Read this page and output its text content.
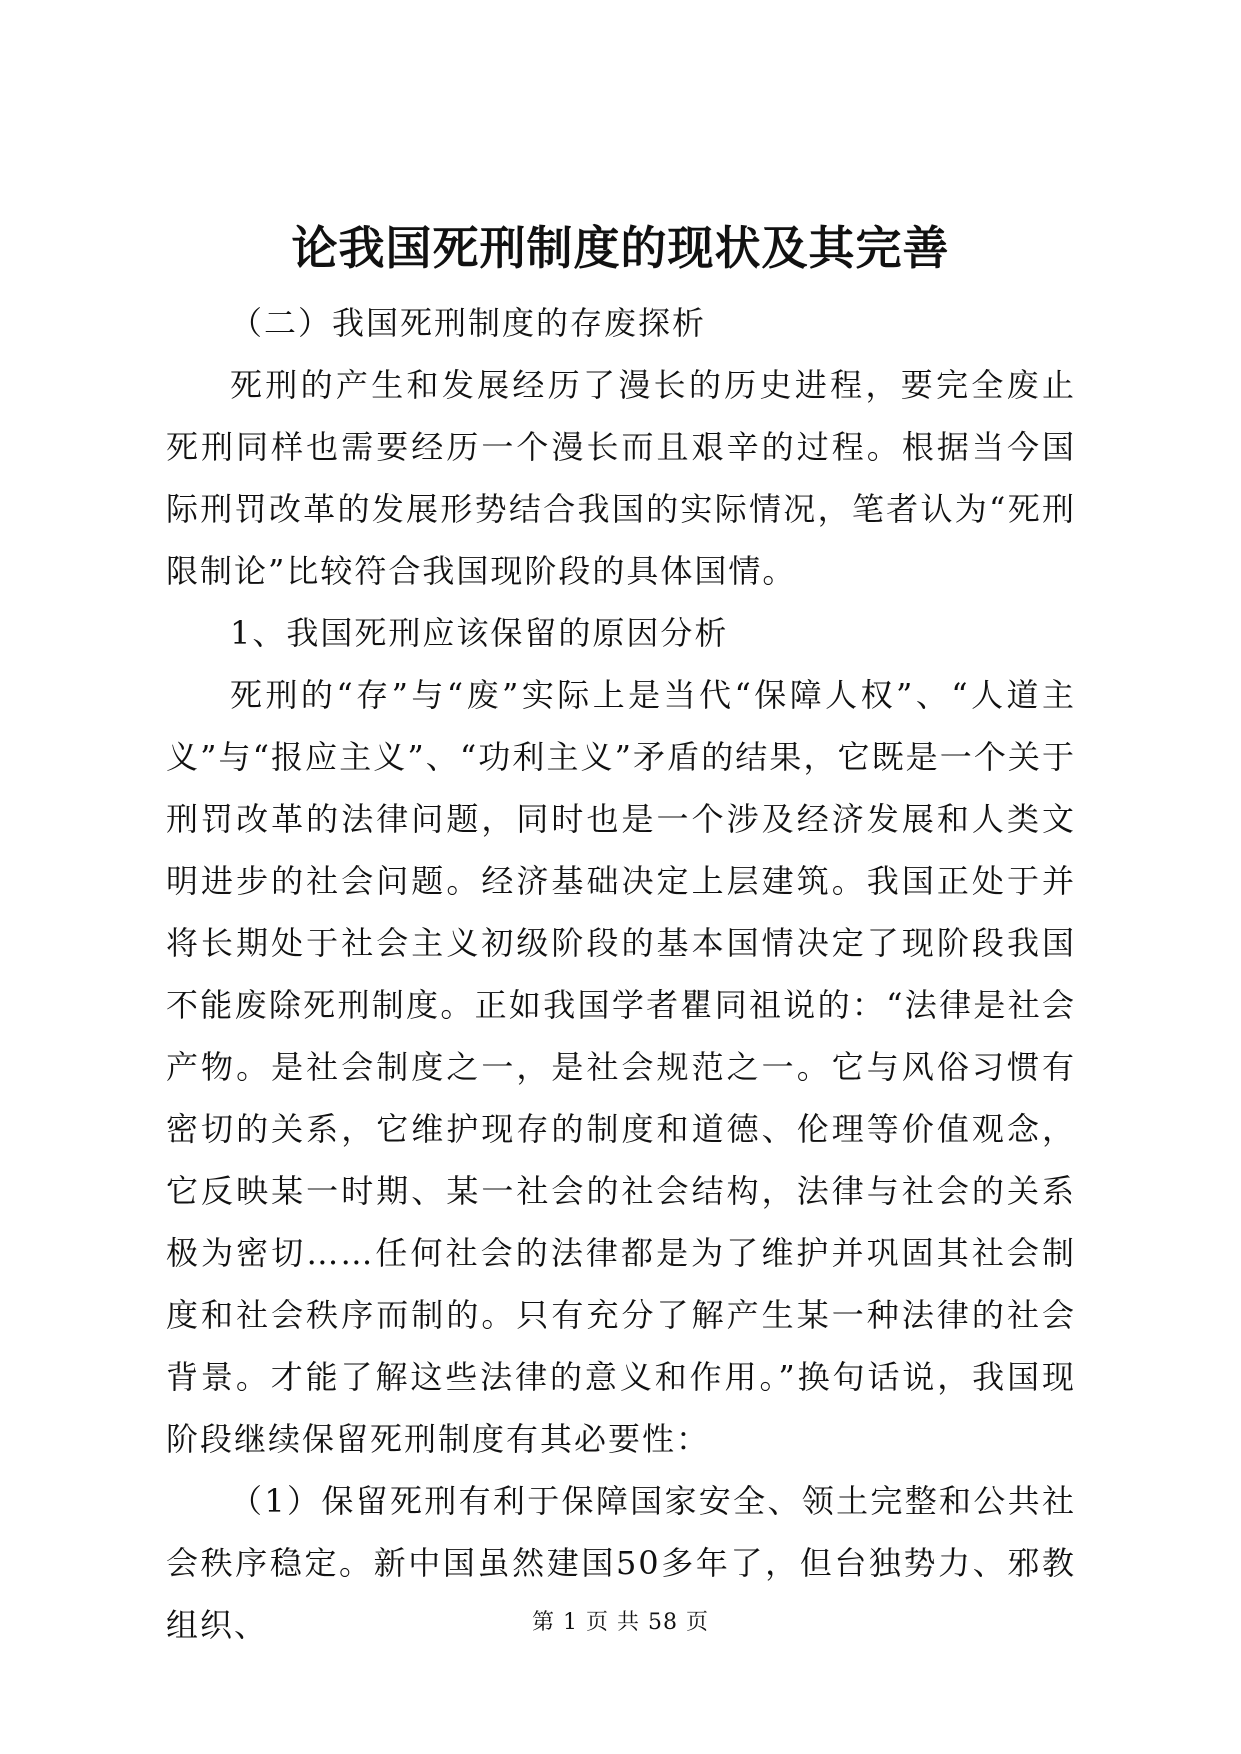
论我国死刑制度的现状及其完善

（二）我国死刑制度的存废探析

死刑的产生和发展经历了漫长的历史进程，要完全废止死刑同样也需要经历一个漫长而且艰辛的过程。根据当今国际刑罚改革的发展形势结合我国的实际情况，笔者认为“死刑限制论”比较符合我国现阶段的具体国情。

1、我国死刑应该保留的原因分析

死刑的“存”与“废”实际上是当代“保障人权”、“人道主义”与“报应主义”、“功利主义”矛盾的结果，它既是一个关于刑罚改革的法律问题，同时也是一个涉及经济发展和人类文明进步的社会问题。经济基础决定上层建筑。我国正处于并将长期处于社会主义初级阶段的基本国情决定了现阶段我国不能废除死刑制度。正如我国学者瞿同祖说的：“法律是社会产物。是社会制度之一，是社会规范之一。它与风俗习惯有密切的关系，它维护现存的制度和道德、伦理等价值观念，它反映某一时期、某一社会的社会结构，法律与社会的关系极为密切……任何社会的法律都是为了维护并巩固其社会制度和社会秩序而制的。只有充分了解产生某一种法律的社会背景。才能了解这些法律的意义和作用。”换句话说，我国现阶段继续保留死刑制度有其必要性：

（1）保留死刑有利于保障国家安全、领土完整和公共社会秩序稳定。新中国虽然建国50多年了，但台独势力、邪教组织、	第 1 页 共 58 页
